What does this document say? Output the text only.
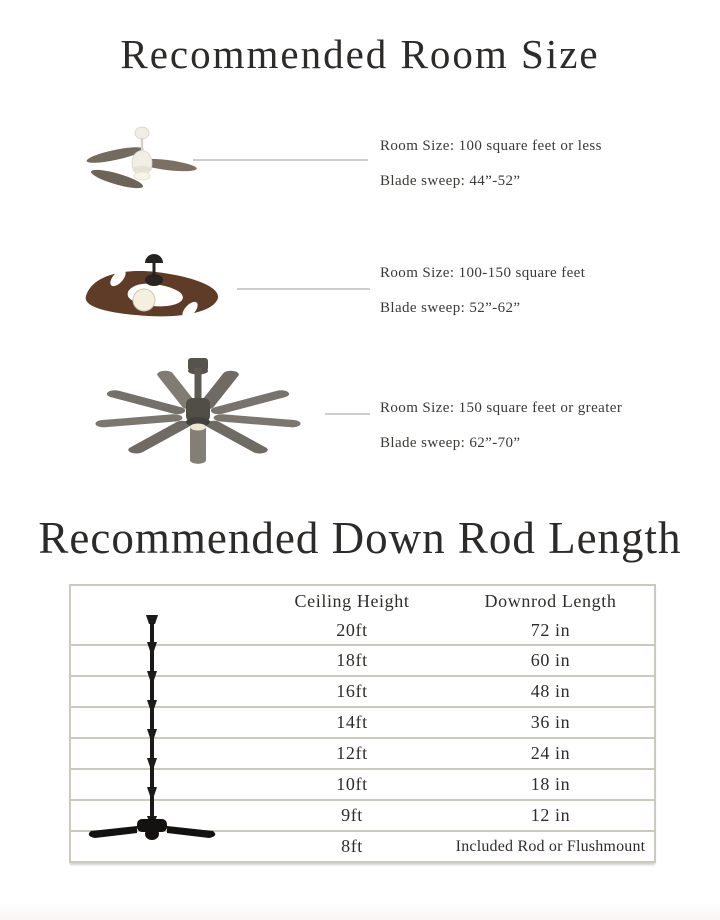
Recommended Room Size

Room Size: 100 square feet or less

Blade sweep: 44”-52”

Room Size: 100-150 square feet

Blade sweep: 52”-62”

Room Size: 150 square feet or greater

Blade sweep: 62”-70”

Recommended Down Rod Length
Ceiling Height	Downrod Length
20ft	72 in
18ft	60 in
16ft	48 in
14ft	36 in
12ft	24 in
10ft	18 in
9ft	12 in
8ft	Included Rod or Flushmount
